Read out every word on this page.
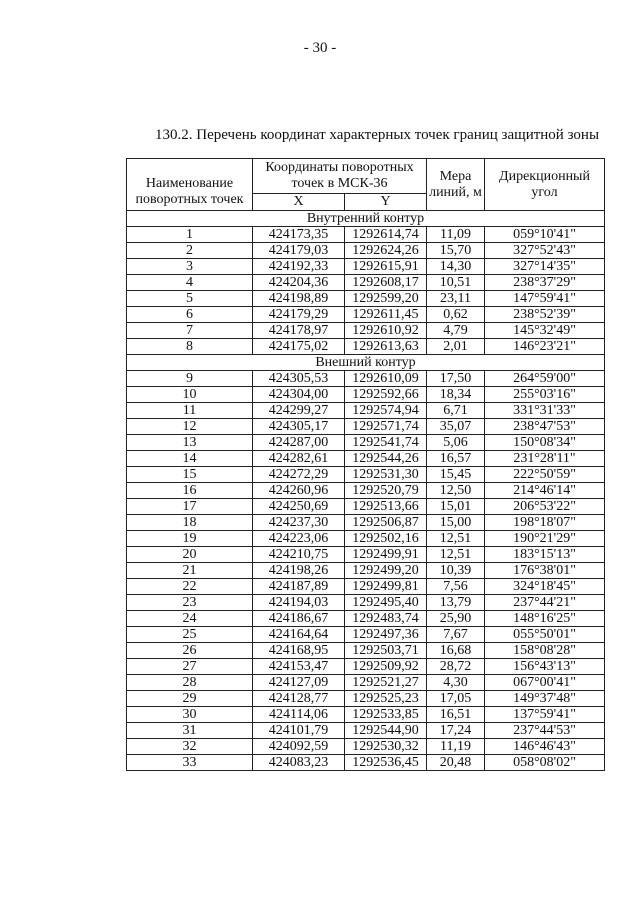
- 30 -
130.2. Перечень координат характерных точек границ защитной зоны
Наименование поворотных точек	Координаты поворотных точек в МСК-36		Мера линий, м	Дирекционный угол
	X	Y		
Внутренний контур				
1	424173,35	1292614,74	11,09	059°10'41"
2	424179,03	1292624,26	15,70	327°52'43"
3	424192,33	1292615,91	14,30	327°14'35"
4	424204,36	1292608,17	10,51	238°37'29"
5	424198,89	1292599,20	23,11	147°59'41"
6	424179,29	1292611,45	0,62	238°52'39"
7	424178,97	1292610,92	4,79	145°32'49"
8	424175,02	1292613,63	2,01	146°23'21"
Внешний контур				
9	424305,53	1292610,09	17,50	264°59'00"
10	424304,00	1292592,66	18,34	255°03'16"
11	424299,27	1292574,94	6,71	331°31'33"
12	424305,17	1292571,74	35,07	238°47'53"
13	424287,00	1292541,74	5,06	150°08'34"
14	424282,61	1292544,26	16,57	231°28'11"
15	424272,29	1292531,30	15,45	222°50'59"
16	424260,96	1292520,79	12,50	214°46'14"
17	424250,69	1292513,66	15,01	206°53'22"
18	424237,30	1292506,87	15,00	198°18'07"
19	424223,06	1292502,16	12,51	190°21'29"
20	424210,75	1292499,91	12,51	183°15'13"
21	424198,26	1292499,20	10,39	176°38'01"
22	424187,89	1292499,81	7,56	324°18'45"
23	424194,03	1292495,40	13,79	237°44'21"
24	424186,67	1292483,74	25,90	148°16'25"
25	424164,64	1292497,36	7,67	055°50'01"
26	424168,95	1292503,71	16,68	158°08'28"
27	424153,47	1292509,92	28,72	156°43'13"
28	424127,09	1292521,27	4,30	067°00'41"
29	424128,77	1292525,23	17,05	149°37'48"
30	424114,06	1292533,85	16,51	137°59'41"
31	424101,79	1292544,90	17,24	237°44'53"
32	424092,59	1292530,32	11,19	146°46'43"
33	424083,23	1292536,45	20,48	058°08'02"
